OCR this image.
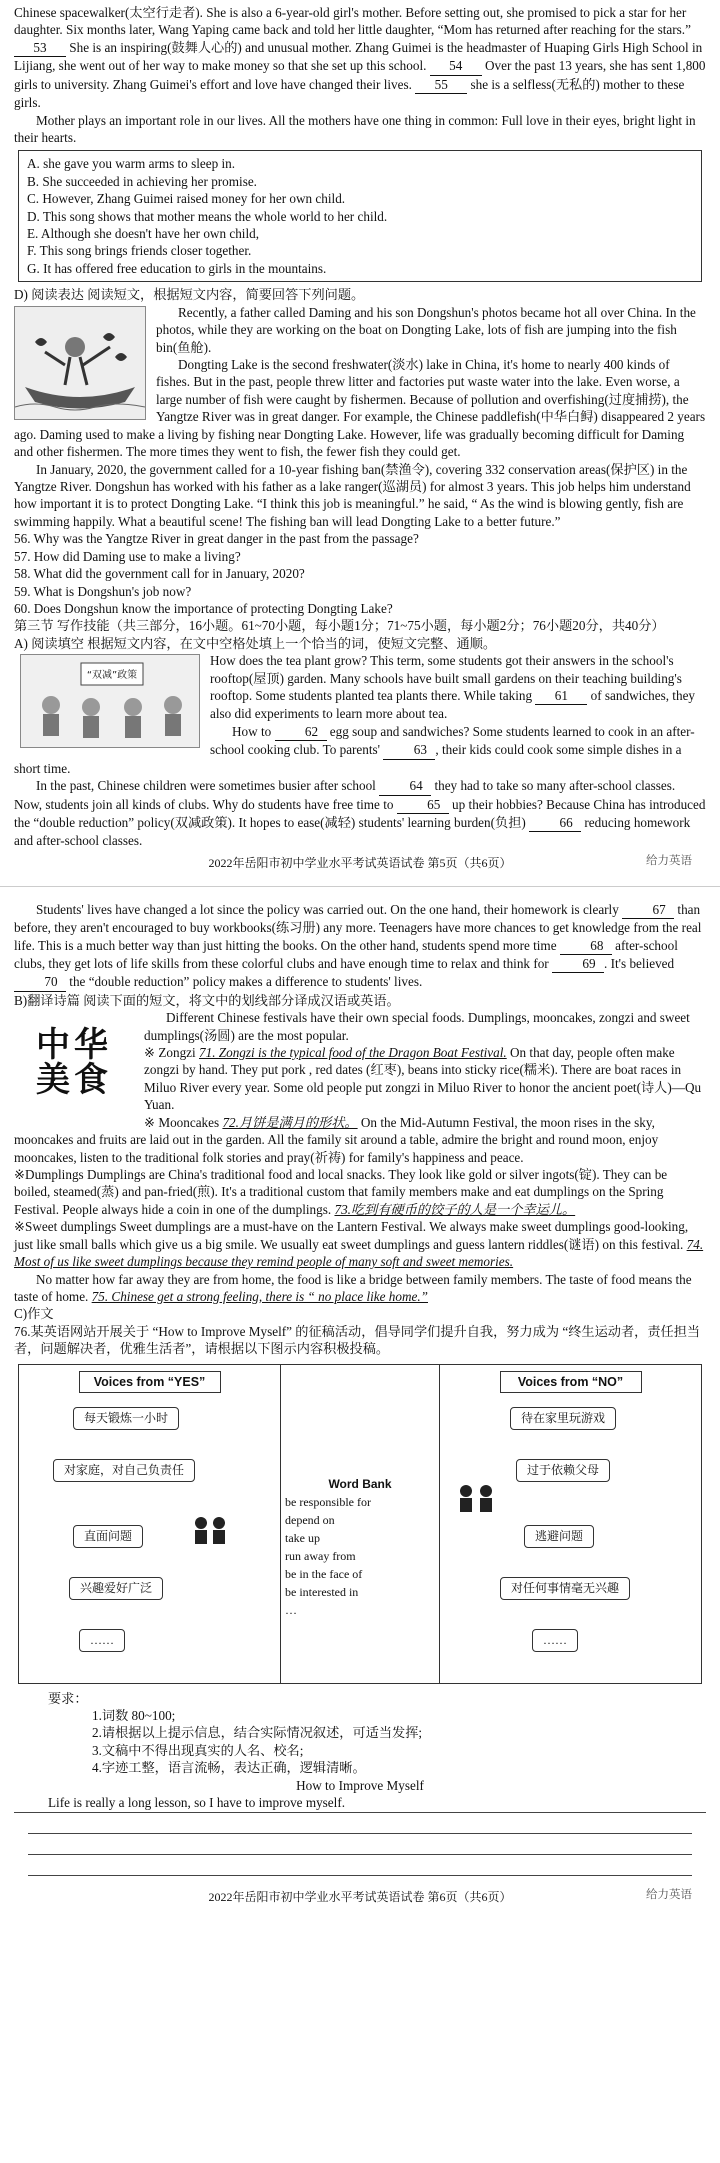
Chinese spacewalker(太空行走者). She is also a 6-year-old girl's mother. Before setting out, she promised to pick a star for her daughter. Six months later, Wang Yaping came back and told her little daughter, “Mom has returned after reaching for the stars.” 53 She is an inspiring(鼓舞人心的) and unusual mother. Zhang Guimei is the headmaster of Huaping Girls High School in Lijiang, she went out of her way to make money so that she set up this school. 54 Over the past 13 years, she has sent 1,800 girls to university. Zhang Guimei's effort and love have changed their lives. 55 she is a selfless(无私的) mother to these girls.

Mother plays an important role in our lives. All the mothers have one thing in common: Full love in their eyes, bright light in their hearts.

A. she gave you warm arms to sleep in.

B. She succeeded in achieving her promise.

C. However, Zhang Guimei raised money for her own child.

D. This song shows that mother means the whole world to her child.

E. Although she doesn't have her own child,

F. This song brings friends closer together.

G. It has offered free education to girls in the mountains.

D) 阅读表达 阅读短文，根据短文内容，简要回答下列问题。

Recently, a father called Daming and his son Dongshun's photos became hot all over China. In the photos, while they are working on the boat on Dongting Lake, lots of fish are jumping into the fish bin(鱼舱).

Dongting Lake is the second freshwater(淡水) lake in China, it's home to nearly 400 kinds of fishes. But in the past, people threw litter and factories put waste water into the lake. Even worse, a large number of fish were caught by fishermen. Because of pollution and overfishing(过度捕捞), the Yangtze River was in great danger. For example, the Chinese paddlefish(中华白鲟) disappeared 2 years ago. Daming used to make a living by fishing near Dongting Lake. However, life was gradually becoming difficult for Daming and other fishermen. The more times they went to fish, the fewer fish they could get.

In January, 2020, the government called for a 10-year fishing ban(禁渔令), covering 332 conservation areas(保护区) in the Yangtze River. Dongshun has worked with his father as a lake ranger(巡湖员) for almost 3 years. This job helps him understand how important it is to protect Dongting Lake. “I think this job is meaningful.” he said, “ As the wind is blowing gently, fish are swimming happily. What a beautiful scene! The fishing ban will lead Dongting Lake to a better future.”

56. Why was the Yangtze River in great danger in the past from the passage?

57. How did Daming use to make a living?

58. What did the government call for in January, 2020?

59. What is Dongshun's job now?

60. Does Dongshun know the importance of protecting Dongting Lake?

第三节 写作技能（共三部分，16小题。61~70小题，每小题1分；71~75小题，每小题2分；76小题20分，共40分）

A) 阅读填空 根据短文内容，在文中空格处填上一个恰当的词，使短文完整、通顺。

“双减”政策

How does the tea plant grow? This term, some students got their answers in the school's rooftop(屋顶) garden. Many schools have built small gardens on their teaching building's rooftop. Some students planted tea plants there. While taking 61 of sandwiches, they also did experiments to learn more about tea.

How to	62 egg soup and sandwiches? Some students learned to cook in an after-school cooking club. To parents'	63 , their kids could cook some simple dishes in a short time.

In the past, Chinese children were sometimes busier after school	64 they had to take so many after-school classes. Now, students join all kinds of clubs. Why do students have free time to	65 up their hobbies? Because China has introduced the “double reduction” policy(双减政策). It hopes to ease(减轻) students' learning burden(负担)	66 reducing homework and after-school classes.

2022年岳阳市初中学业水平考试英语试卷 第5页（共6页）	给力英语

Students' lives have changed a lot since the policy was carried out. On the one hand, their homework is clearly	67 than before, they aren't encouraged to buy workbooks(练习册) any more. Teenagers have more chances to get knowledge from the real life. This is a much better way than just hitting the books. On the other hand, students spend more time	68 after-school clubs, they get lots of life skills from these colorful clubs and have enough time to relax and think for	69 . It's believed 70 the “double reduction” policy makes a difference to students' lives.

B)翻译诗篇 阅读下面的短文，将文中的划线部分译成汉语或英语。

中华美食

Different Chinese festivals have their own special foods. Dumplings, mooncakes, zongzi and sweet dumplings(汤圆) are the most popular.

※ Zongzi 71. Zongzi is the typical food of the Dragon Boat Festival. On that day, people often make zongzi by hand. They put pork , red dates (红枣), beans into sticky rice(糯米). There are boat races in Miluo River every year. Some old people put zongzi in Miluo River to honor the ancient poet(诗人)—Qu Yuan.

※ Mooncakes 72.月饼是满月的形状。 On the Mid-Autumn Festival, the moon rises in the sky, mooncakes and fruits are laid out in the garden. All the family sit around a table, admire the bright and round moon, enjoy mooncakes, listen to the traditional folk stories and pray(祈祷) for family's happiness and peace.

※Dumplings Dumplings are China's traditional food and local snacks. They look like gold or silver ingots(锭). They can be boiled, steamed(蒸) and pan-fried(煎). It's a traditional custom that family members make and eat dumplings on the Spring Festival. People always hide a coin in one of the dumplings. 73.吃到有硬币的饺子的人是一个幸运儿。

※Sweet dumplings Sweet dumplings are a must-have on the Lantern Festival. We always make sweet dumplings good-looking, just like small balls which give us a big smile. We usually eat sweet dumplings and guess lantern riddles(谜语) on this festival. 74. Most of us like sweet dumplings because they remind people of many soft and sweet memories.

No matter how far away they are from home, the food is like a bridge between family members. The taste of food means the taste of home. 75. Chinese get a strong feeling, there is “ no place like home.”

C)作文

76.某英语网站开展关于 “How to Improve Myself” 的征稿活动，倡导同学们提升自我，努力成为 “终生运动者，责任担当者，问题解决者，优雅生活者”，请根据以下图示内容积极投稿。

Voices from “YES”
每天锻炼一小时
对家庭，对自己负责任
直面问题
兴趣爱好广泛
……
Word Bank
be responsible for
depend on
take up
run away from
be in the face of
be interested in
…
Voices from “NO”
待在家里玩游戏
过于依赖父母
逃避问题
对任何事情毫无兴趣
……

要求：

1.词数 80~100;

2.请根据以上提示信息，结合实际情况叙述，可适当发挥;

3.文稿中不得出现真实的人名、校名;

4.字迹工整，语言流畅，表达正确，逻辑清晰。

How to Improve Myself

Life is really a long lesson, so I have to improve myself.

2022年岳阳市初中学业水平考试英语试卷 第6页（共6页）	给力英语
